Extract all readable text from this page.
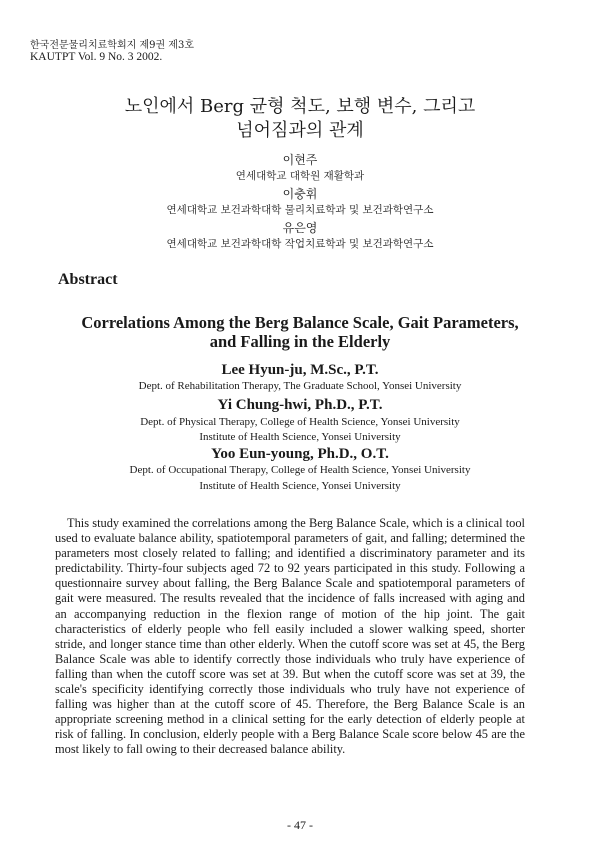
한국전문물리치료학회지 제9권 제3호
KAUTPT Vol. 9 No. 3 2002.
노인에서 Berg 균형 척도, 보행 변수, 그리고
넘어짐과의 관계
이현주
연세대학교 대학원 재활학과
이충휘
연세대학교 보건과학대학 물리치료학과 및 보건과학연구소
유은영
연세대학교 보건과학대학 작업치료학과 및 보건과학연구소
Abstract
Correlations Among the Berg Balance Scale, Gait Parameters,
and Falling in the Elderly
Lee Hyun-ju, M.Sc., P.T.
Dept. of Rehabilitation Therapy, The Graduate School, Yonsei University
Yi Chung-hwi, Ph.D., P.T.
Dept. of Physical Therapy, College of Health Science, Yonsei University
Institute of Health Science, Yonsei University
Yoo Eun-young, Ph.D., O.T.
Dept. of Occupational Therapy, College of Health Science, Yonsei University
Institute of Health Science, Yonsei University
This study examined the correlations among the Berg Balance Scale, which is a clinical tool used to evaluate balance ability, spatiotemporal parameters of gait, and falling; determined the parameters most closely related to falling; and identified a discriminatory parameter and its predictability. Thirty-four subjects aged 72 to 92 years participated in this study. Following a questionnaire survey about falling, the Berg Balance Scale and spatiotemporal parameters of gait were measured. The results revealed that the incidence of falls increased with aging and an accompanying reduction in the flexion range of motion of the hip joint. The gait characteristics of elderly people who fell easily included a slower walking speed, shorter stride, and longer stance time than other elderly. When the cutoff score was set at 45, the Berg Balance Scale was able to identify correctly those individuals who truly have experience of falling than when the cutoff score was set at 39. But when the cutoff score was set at 39, the scale's specificity identifying correctly those individuals who truly have not experience of falling was higher than at the cutoff score of 45. Therefore, the Berg Balance Scale is an appropriate screening method in a clinical setting for the early detection of elderly people at risk of falling. In conclusion, elderly people with a Berg Balance Scale score below 45 are the most likely to fall owing to their decreased balance ability.
- 47 -
